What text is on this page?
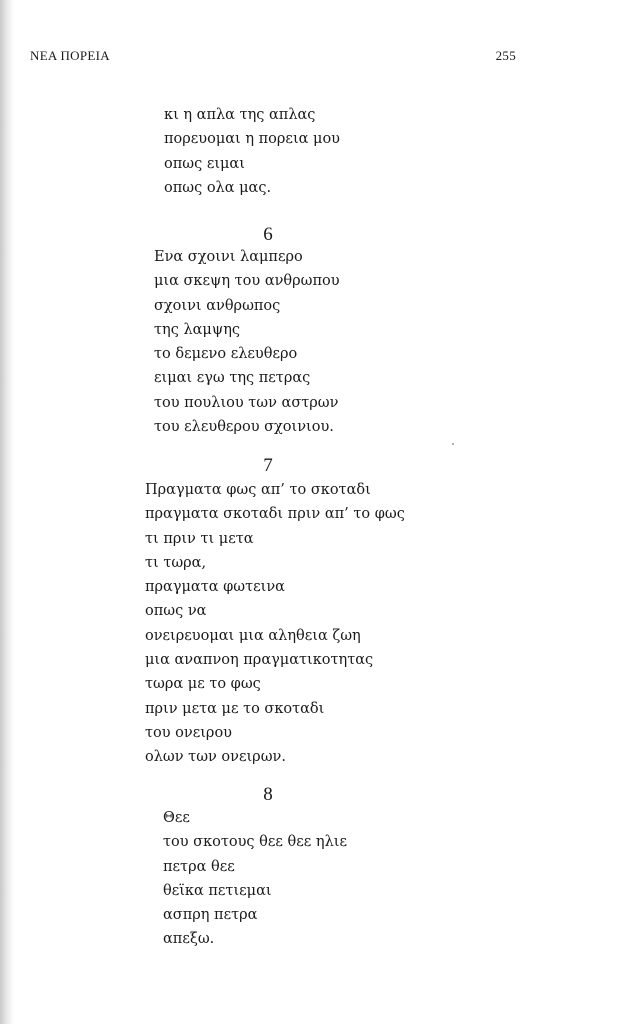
ΝΕΑ ΠΟΡΕΙΑ	255
κι η απλα της απλας
πορευομαι η πορεια μου
οπως ειμαι
οπως ολα μας.
6
Ενα σχοινι λαμπερο
μια σκεψη του ανθρωπου
σχοινι ανθρωπος
της λαμψης
το δεμενο ελευθερο
ειμαι εγω της πετρας
του πουλιου των αστρων
του ελευθερου σχοινιου.
7
Πραγματα φως απ’ το σκοταδι
πραγματα σκοταδι πριν απ’ το φως
τι πριν τι μετα
τι τωρα,
πραγματα φωτεινα
οπως να
ονειρευομαι μια αληθεια ζωη
μια αναπνοη πραγματικοτητας
τωρα με το φως
πριν μετα με το σκοταδι
του ονειρου
ολων των ονειρων.
8
Θεε
του σκοτους θεε θεε ηλιε
πετρα θεε
θεϊκα πετιεμαι
ασπρη πετρα
απεξω.
